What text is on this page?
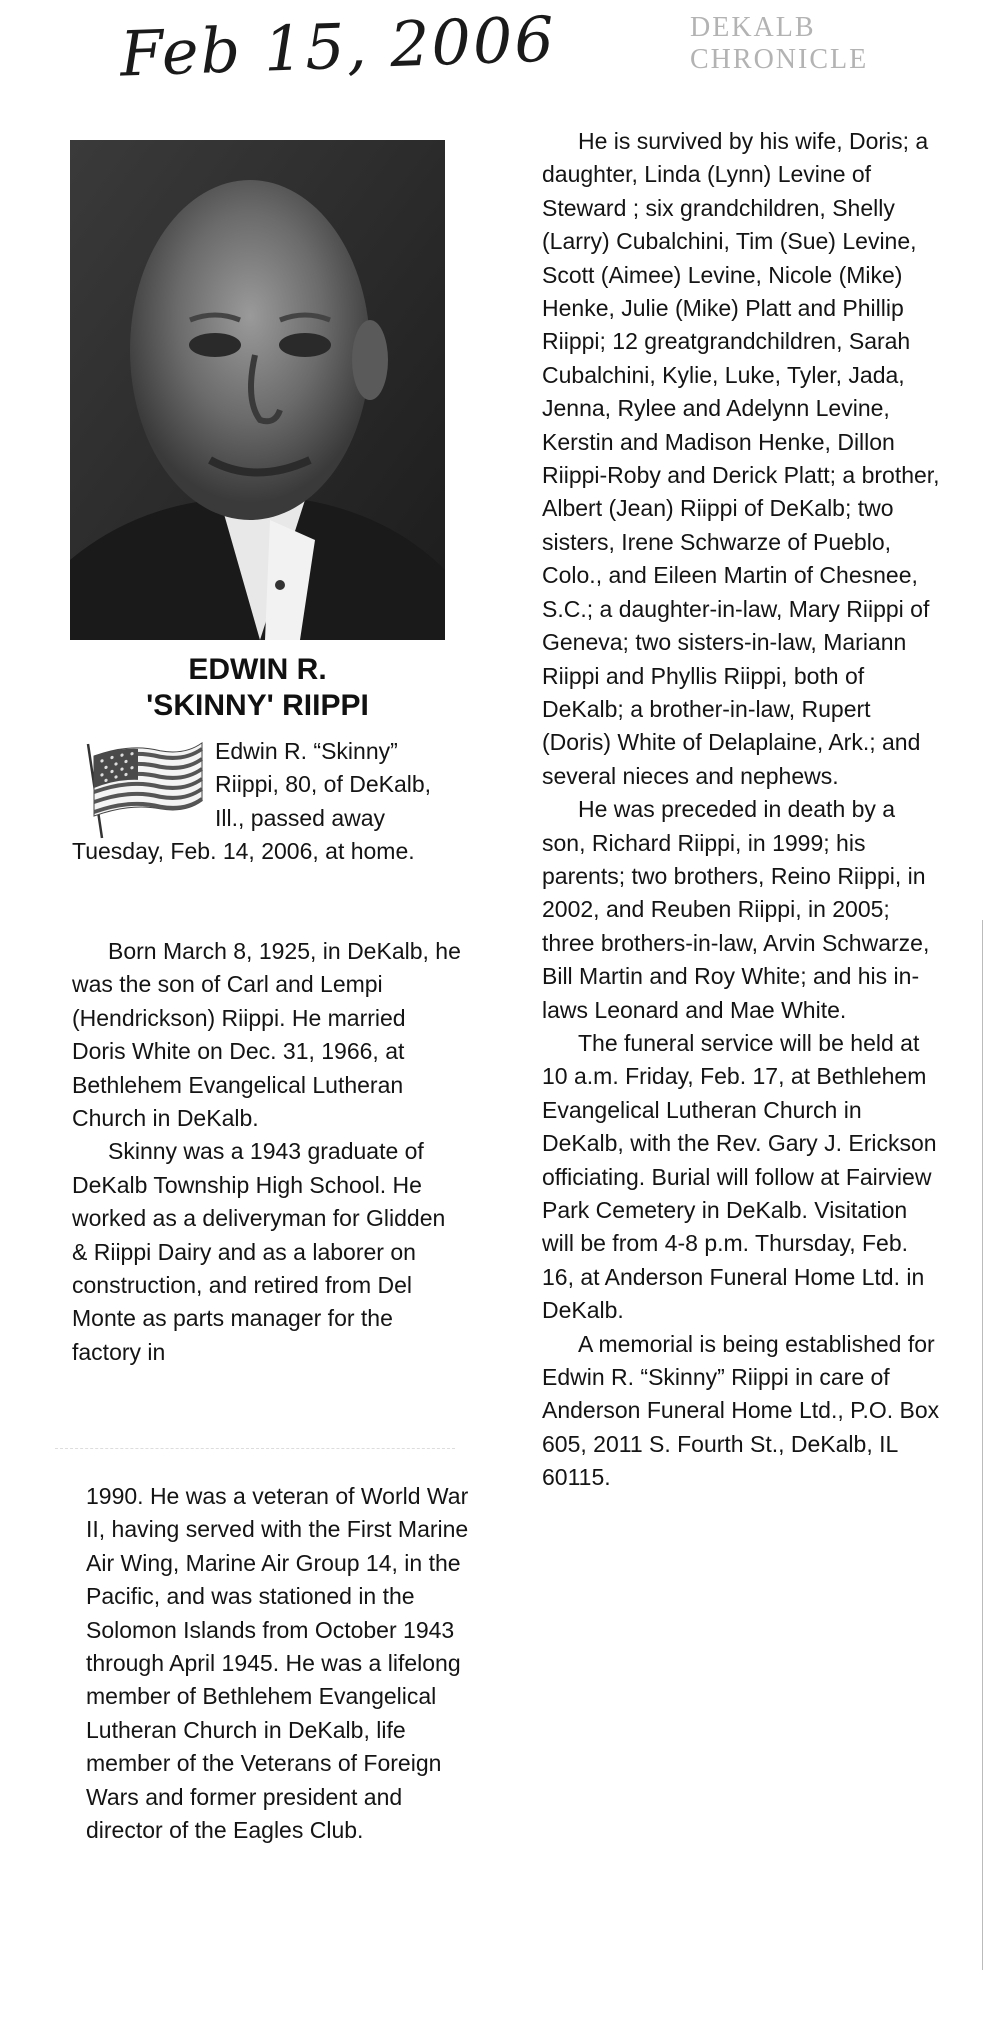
Feb 15, 2006	DEKALB CHRONICLE
EDWIN R.
'SKINNY' RIIPPI
Edwin R. “Skinny” Riippi, 80, of DeKalb, Ill., passed away
Tuesday, Feb. 14, 2006, at home.

Born March 8, 1925, in DeKalb, he was the son of Carl and Lempi (Hendrickson) Riippi. He married Doris White on Dec. 31, 1966, at Bethlehem Evangelical Lutheran Church in DeKalb.

Skinny was a 1943 graduate of DeKalb Township High School. He worked as a deliveryman for Glidden & Riippi Dairy and as a laborer on construction, and retired from Del Monte as parts manager for the factory in

1990. He was a veteran of World War II, having served with the First Marine Air Wing, Marine Air Group 14, in the Pacific, and was stationed in the Solomon Islands from October 1943 through April 1945. He was a lifelong member of Bethlehem Evangelical Lutheran Church in DeKalb, life member of the Veterans of Foreign Wars and former president and director of the Eagles Club.

He is survived by his wife, Doris; a daughter, Linda (Lynn) Levine of Steward ; six grandchildren, Shelly (Larry) Cubalchini, Tim (Sue) Levine, Scott (Aimee) Levine, Nicole (Mike) Henke, Julie (Mike) Platt and Phillip Riippi; 12 greatgrandchildren, Sarah Cubalchini, Kylie, Luke, Tyler, Jada, Jenna, Rylee and Adelynn Levine, Kerstin and Madison Henke, Dillon Riippi-Roby and Derick Platt; a brother, Albert (Jean) Riippi of DeKalb; two sisters, Irene Schwarze of Pueblo, Colo., and Eileen Martin of Chesnee, S.C.; a daughter-in-law, Mary Riippi of Geneva; two sisters-in-law, Mariann Riippi and Phyllis Riippi, both of DeKalb; a brother-in-law, Rupert (Doris) White of Delaplaine, Ark.; and several nieces and nephews.

He was preceded in death by a son, Richard Riippi, in 1999; his parents; two brothers, Reino Riippi, in 2002, and Reuben Riippi, in 2005; three brothers-in-law, Arvin Schwarze, Bill Martin and Roy White; and his in-laws Leonard and Mae White.

The funeral service will be held at 10 a.m. Friday, Feb. 17, at Bethlehem Evangelical Lutheran Church in DeKalb, with the Rev. Gary J. Erickson officiating. Burial will follow at Fairview Park Cemetery in DeKalb. Visitation will be from 4-8 p.m. Thursday, Feb. 16, at Anderson Funeral Home Ltd. in DeKalb.

A memorial is being established for Edwin R. “Skinny” Riippi in care of Anderson Funeral Home Ltd., P.O. Box 605, 2011 S. Fourth St., DeKalb, IL 60115.
